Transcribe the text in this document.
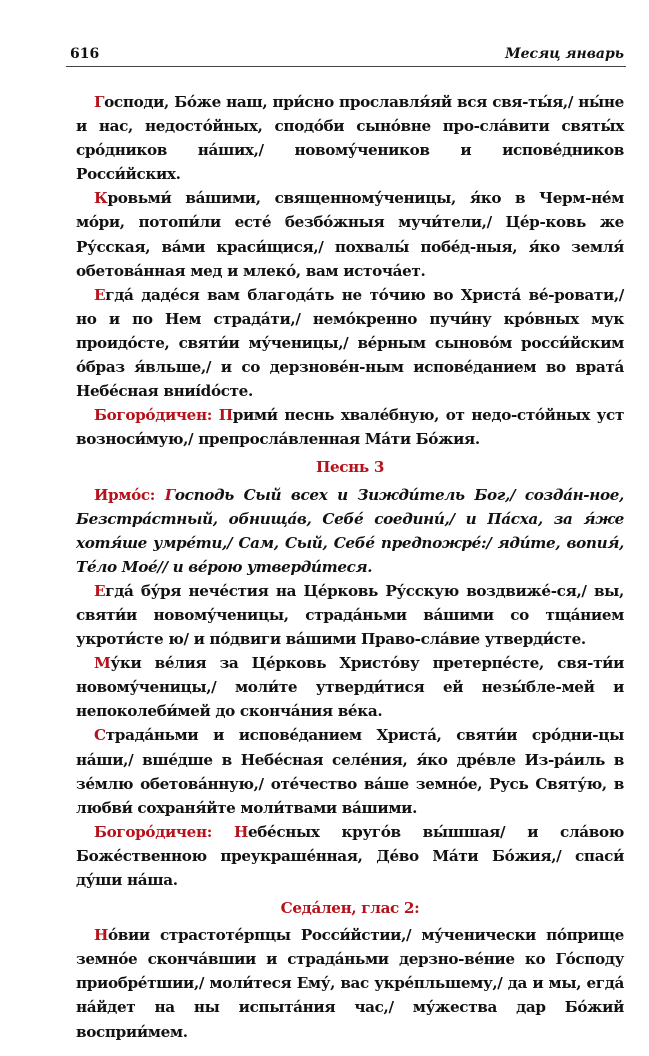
616	Месяц январь

Господи, Бо́же наш, при́сно прославля́яй вся свя-ты́я,/ ны́не и нас, недосто́йных, сподо́би сыно́вне про-сла́вити святы́х сро́дников на́ших,/ новому́чеников и испове́дников Росси́йских.

Кровьми́ ва́шими, священному́ченицы, я́ко в Черм-не́м мо́ри, потопи́ли есте́ безбо́жныя мучи́тели,/ Це́р-ковь же Ру́сская, ва́ми краси́щися,/ похвалы́ побе́д-ныя, я́ко земля́ обетова́нная мед и млеко́, вам источа́ет.

Егда́ даде́ся вам благода́ть не то́чию во Христа́ ве́-ровати,/ но и по Нем страда́ти,/ немо́кренно пучи́ну кро́вных мук проидо́сте, святи́и му́ченицы,/ ве́рным сыново́м росси́йским о́браз я́вльше,/ и со дерзнове́н-ным испове́данием во врата́ Небе́сная вниídóсте.

Богоро́дичен: Прими́ песнь хвале́бную, от недо-сто́йных уст возноси́мую,/ препросла́вленная Ма́ти Бо́жия.

Песнь 3

Ирмо́с: Господь Сый всех и Зижди́тель Бог,/ созда́н-ное, Безстра́стный, обнища́в, Себе́ соедини́,/ и Па́сха, за я́же хотя́ше умре́ти,/ Сам, Сый, Себе́ предпожре́:/ яди́те, вопия́, Те́ло Мое́// и ве́рою утверди́теся.

Егда́ бу́ря нече́стия на Це́рковь Ру́сскую воздвиже́-ся,/ вы, святи́и новому́ченицы, страда́ньми ва́шими со тща́нием укроти́сте ю/ и по́двиги ва́шими Право-сла́вие утверди́сте.

Му́ки ве́лия за Це́рковь Христо́ву претерпе́сте, свя-ти́и новому́ченицы,/ моли́те утверди́тися ей незы́бле-мей и непоколеби́мей до сконча́ния ве́ка.

Страда́ньми и испове́данием Христа́, святи́и сро́дни-цы на́ши,/ вше́дше в Небе́сная селе́ния, я́ко дре́вле Из-ра́иль в зе́млю обетова́нную,/ оте́чество ва́ше земно́е, Русь Святу́ю, в любви́ сохраня́йте моли́твами ва́шими.

Богоро́дичен: Небе́сных круго́в вы́шшая/ и сла́вою Боже́ственною преукраше́нная, Де́во Ма́ти Бо́жия,/ спаси́ ду́ши на́ша.

Седа́лен, глас 2:

Но́вии страстоте́рпцы Росси́йстии,/ му́ченически по́прище земно́е сконча́вшии и страда́ньми дерзно-ве́ние ко Го́споду приобре́тшии,/ моли́теся Ему́, вас укре́пльшему,/ да и мы, егда́ на́йдет на ны испыта́ния час,/ му́жества дар Бо́жий восприи́мем.
